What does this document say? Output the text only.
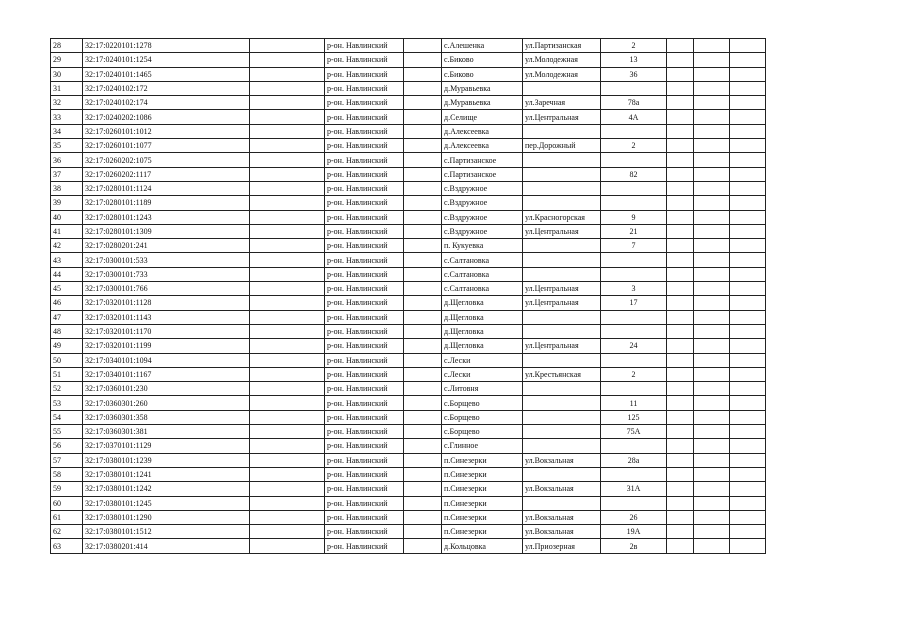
28	32:17:0220101:1278		р-он. Навлинский		с.Алешенка	ул.Партизанская	2			
29	32:17:0240101:1254		р-он. Навлинский		с.Биково	ул.Молодежная	13			
30	32:17:0240101:1465		р-он. Навлинский		с.Биково	ул.Молодежная	36			
31	32:17:0240102:172		р-он. Навлинский		д.Муравьевка					
32	32:17:0240102:174		р-он. Навлинский		д.Муравьевка	ул.Заречная	78а			
33	32:17:0240202:1086		р-он. Навлинский		д.Селище	ул.Центральная	4А			
34	32:17:0260101:1012		р-он. Навлинский		д.Алексеевка					
35	32:17:0260101:1077		р-он. Навлинский		д.Алексеевка	пер.Дорожный	2			
36	32:17:0260202:1075		р-он. Навлинский		с.Партизанское					
37	32:17:0260202:1117		р-он. Навлинский		с.Партизанское		82			
38	32:17:0280101:1124		р-он. Навлинский		с.Вздружное					
39	32:17:0280101:1189		р-он. Навлинский		с.Вздружное					
40	32:17:0280101:1243		р-он. Навлинский		с.Вздружное	ул.Красногорская	9			
41	32:17:0280101:1309		р-он. Навлинский		с.Вздружное	ул.Центральная	21			
42	32:17:0280201:241		р-он. Навлинский		п. Кукуевка		7			
43	32:17:0300101:533		р-он. Навлинский		с.Салтановка					
44	32:17:0300101:733		р-он. Навлинский		с.Салтановка					
45	32:17:0300101:766		р-он. Навлинский		с.Салтановка	ул.Центральная	3			
46	32:17:0320101:1128		р-он. Навлинский		д.Щегловка	ул.Центральная	17			
47	32:17:0320101:1143		р-он. Навлинский		д.Щегловка					
48	32:17:0320101:1170		р-он. Навлинский		д.Щегловка					
49	32:17:0320101:1199		р-он. Навлинский		д.Щегловка	ул.Центральная	24			
50	32:17:0340101:1094		р-он. Навлинский		с.Лески					
51	32:17:0340101:1167		р-он. Навлинский		с.Лески	ул.Крестьянская	2			
52	32:17:0360101:230		р-он. Навлинский		с.Литовня					
53	32:17:0360301:260		р-он. Навлинский		с.Борщево		11			
54	32:17:0360301:358		р-он. Навлинский		с.Борщево		125			
55	32:17:0360301:381		р-он. Навлинский		с.Борщево		75А			
56	32:17:0370101:1129		р-он. Навлинский		с.Глинное					
57	32:17:0380101:1239		р-он. Навлинский		п.Синезерки	ул.Вокзальная	28а			
58	32:17:0380101:1241		р-он. Навлинский		п.Синезерки					
59	32:17:0380101:1242		р-он. Навлинский		п.Синезерки	ул.Вокзальная	31А			
60	32:17:0380101:1245		р-он. Навлинский		п.Синезерки					
61	32:17:0380101:1290		р-он. Навлинский		п.Синезерки	ул.Вокзальная	26			
62	32:17:0380101:1512		р-он. Навлинский		п.Синезерки	ул.Вокзальная	19А			
63	32:17:0380201:414		р-он. Навлинский		д.Кольцовка	ул.Приозерная	2в			
